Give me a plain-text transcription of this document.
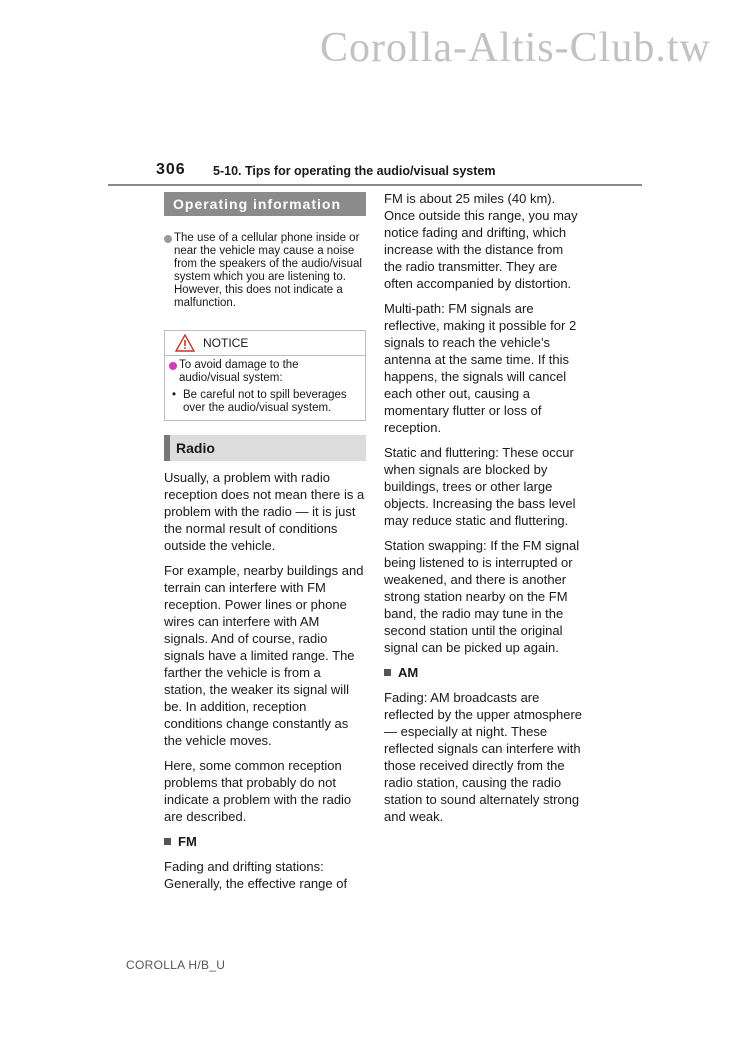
Corolla-Altis-Club.tw
306 5-10. Tips for operating the audio/visual system
Operating information
The use of a cellular phone inside or near the vehicle may cause a noise from the speakers of the audio/visual system which you are listening to. However, this does not indicate a malfunction.
NOTICE
To avoid damage to the audio/visual system:
• Be careful not to spill beverages over the audio/visual system.
Radio

Usually, a problem with radio reception does not mean there is a problem with the radio — it is just the normal result of conditions outside the vehicle.

For example, nearby buildings and terrain can interfere with FM reception. Power lines or phone wires can interfere with AM signals. And of course, radio signals have a limited range. The farther the vehicle is from a station, the weaker its signal will be. In addition, reception conditions change constantly as the vehicle moves.

Here, some common reception problems that probably do not indicate a problem with the radio are described.

FM

Fading and drifting stations: Generally, the effective range of

FM is about 25 miles (40 km). Once outside this range, you may notice fading and drifting, which increase with the distance from the radio transmitter. They are often accompanied by distortion.

Multi-path: FM signals are reflective, making it possible for 2 signals to reach the vehicle’s antenna at the same time. If this happens, the signals will cancel each other out, causing a momentary flutter or loss of reception.

Static and fluttering: These occur when signals are blocked by buildings, trees or other large objects. Increasing the bass level may reduce static and fluttering.

Station swapping: If the FM signal being listened to is interrupted or weakened, and there is another strong station nearby on the FM band, the radio may tune in the second station until the original signal can be picked up again.

AM

Fading: AM broadcasts are reflected by the upper atmosphere — especially at night. These reflected signals can interfere with those received directly from the radio station, causing the radio station to sound alternately strong and weak.

COROLLA H/B_U
